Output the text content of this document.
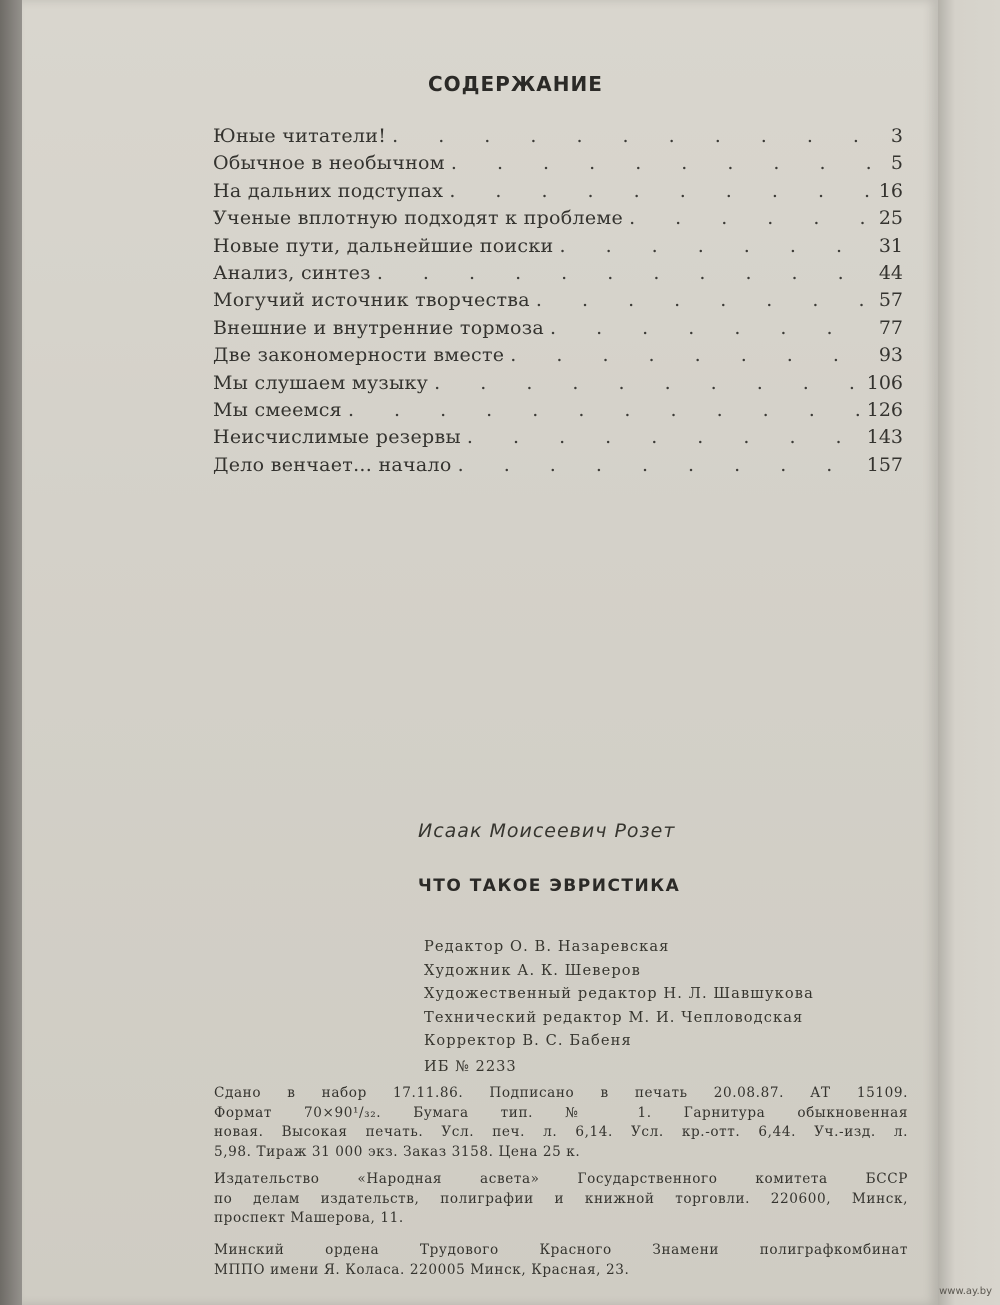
СОДЕРЖАНИЕ
Юные читатели! . . .	3
Обычное в необычном . . .	5
На дальних подступах . . .	16
Ученые вплотную подходят к проблеме . . .	25
Новые пути, дальнейшие поиски . . .	31
Анализ, синтез . . .	44
Могучий источник творчества . . .	57
Внешние и внутренние тормоза . . .	77
Две закономерности вместе . . .	93
Мы слушаем музыку . . .	106
Мы смеемся . . .	126
Неисчислимые резервы . . .	143
Дело венчает... начало . . .	157
Исаак Моисеевич Розет
ЧТО ТАКОЕ ЭВРИСТИКА
Редактор О. В. Назаревская
Художник А. К. Шеверов
Художественный редактор Н. Л. Шавшукова
Технический редактор М. И. Чепловодская
Корректор В. С. Бабеня
ИБ № 2233
Сдано в набор 17.11.86. Подписано в печать 20.08.87. АТ 15109.
Формат 70×90¹/₃₂. Бумага тип. № 1. Гарнитура обыкновенная
новая. Высокая печать. Усл. печ. л. 6,14. Усл. кр.-отт. 6,44. Уч.-изд. л.
5,98. Тираж 31 000 экз. Заказ 3158. Цена 25 к.
Издательство «Народная асвета» Государственного комитета БССР
по делам издательств, полиграфии и книжной торговли. 220600, Минск,
проспект Машерова, 11.
Минский ордена Трудового Красного Знамени полиграфкомбинат
МППО имени Я. Коласа. 220005 Минск, Красная, 23.
www.ay.by
